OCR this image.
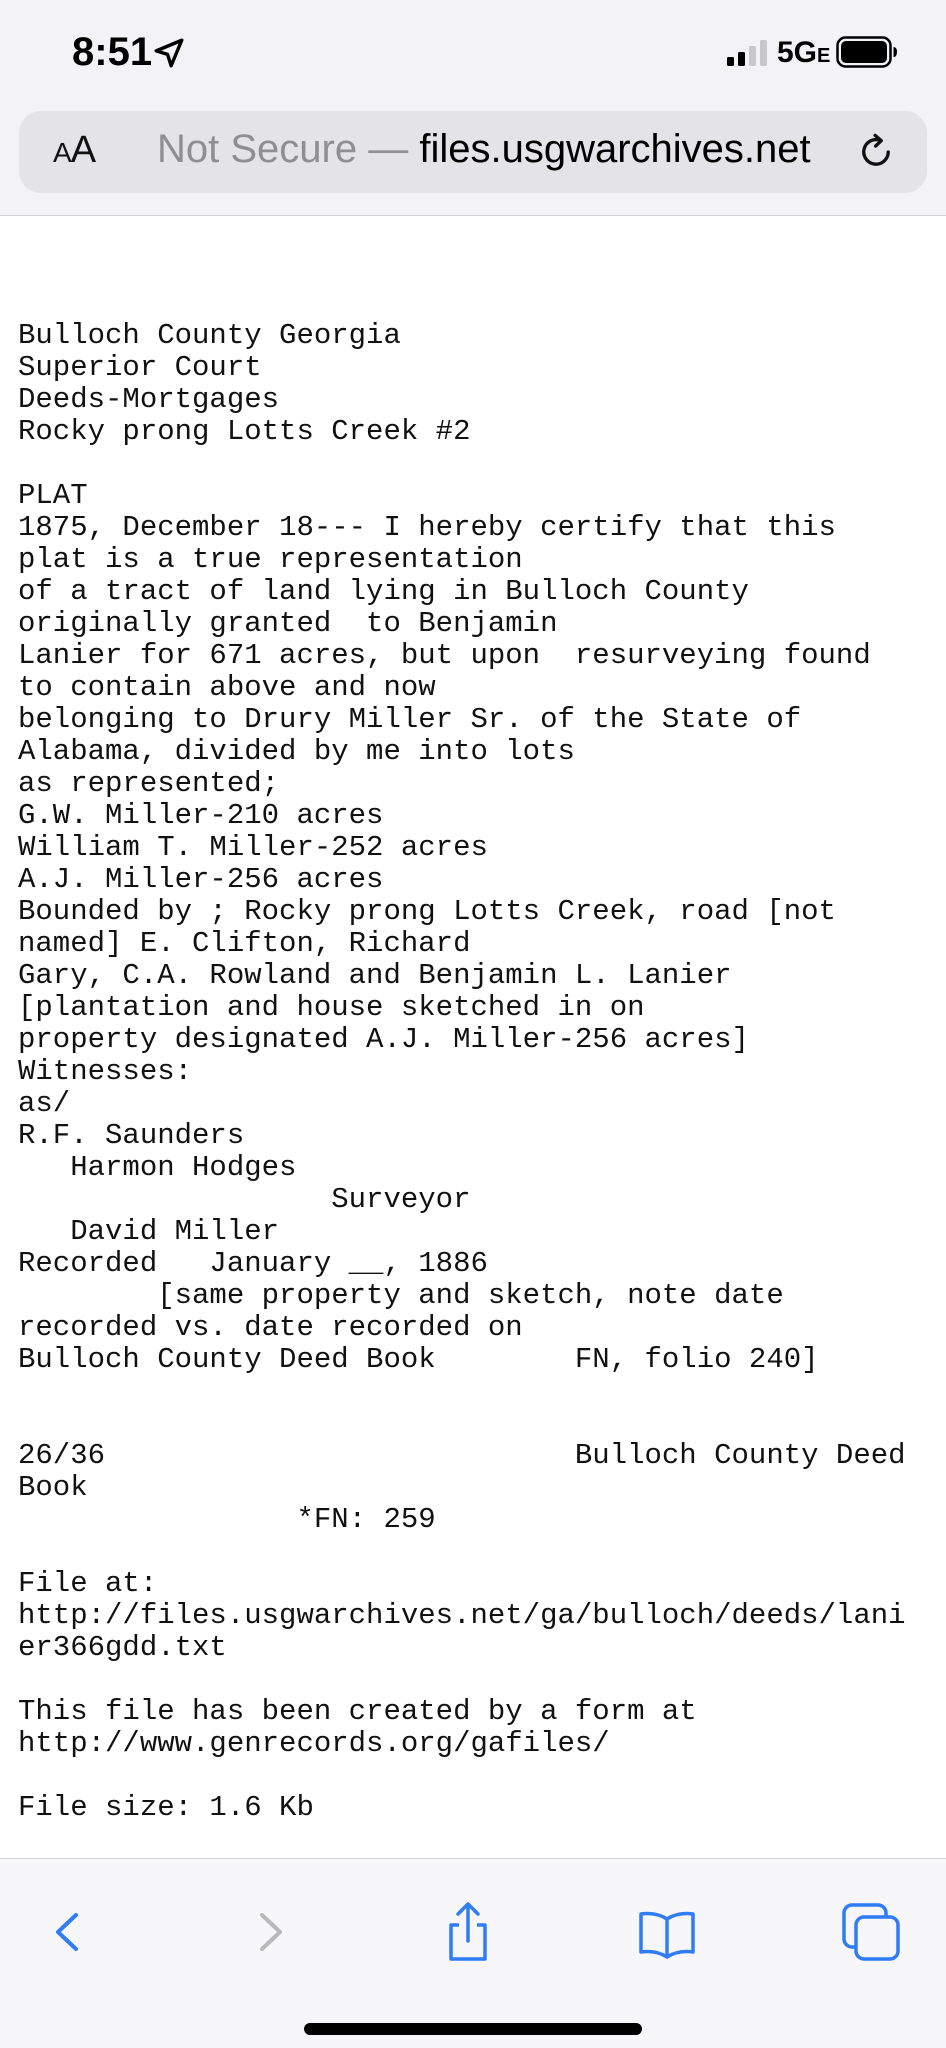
8:51	5GE
AA Not Secure — files.usgwarchives.net
Bulloch County Georgia
Superior Court
Deeds-Mortgages
Rocky prong Lotts Creek #2
PLAT
1875, December 18--- I hereby certify that this
plat is a true representation
of a tract of land lying in Bulloch County
originally granted  to Benjamin
Lanier for 671 acres, but upon  resurveying found
to contain above and now
belonging to Drury Miller Sr. of the State of
Alabama, divided by me into lots
as represented;
G.W. Miller-210 acres
William T. Miller-252 acres
A.J. Miller-256 acres
Bounded by ; Rocky prong Lotts Creek, road [not
named] E. Clifton, Richard
Gary, C.A. Rowland and Benjamin L. Lanier
[plantation and house sketched in on
property designated A.J. Miller-256 acres]
Witnesses:
as/
R.F. Saunders
Harmon Hodges
Surveyor
David Miller
Recorded   January __, 1886
[same property and sketch, note date
recorded vs. date recorded on
Bulloch County Deed Book        FN, folio 240]
26/36                           Bulloch County Deed
Book
*FN: 259
File at:
http://files.usgwarchives.net/ga/bulloch/deeds/lani
er366gdd.txt
This file has been created by a form at
http://www.genrecords.org/gafiles/
File size: 1.6 Kb
